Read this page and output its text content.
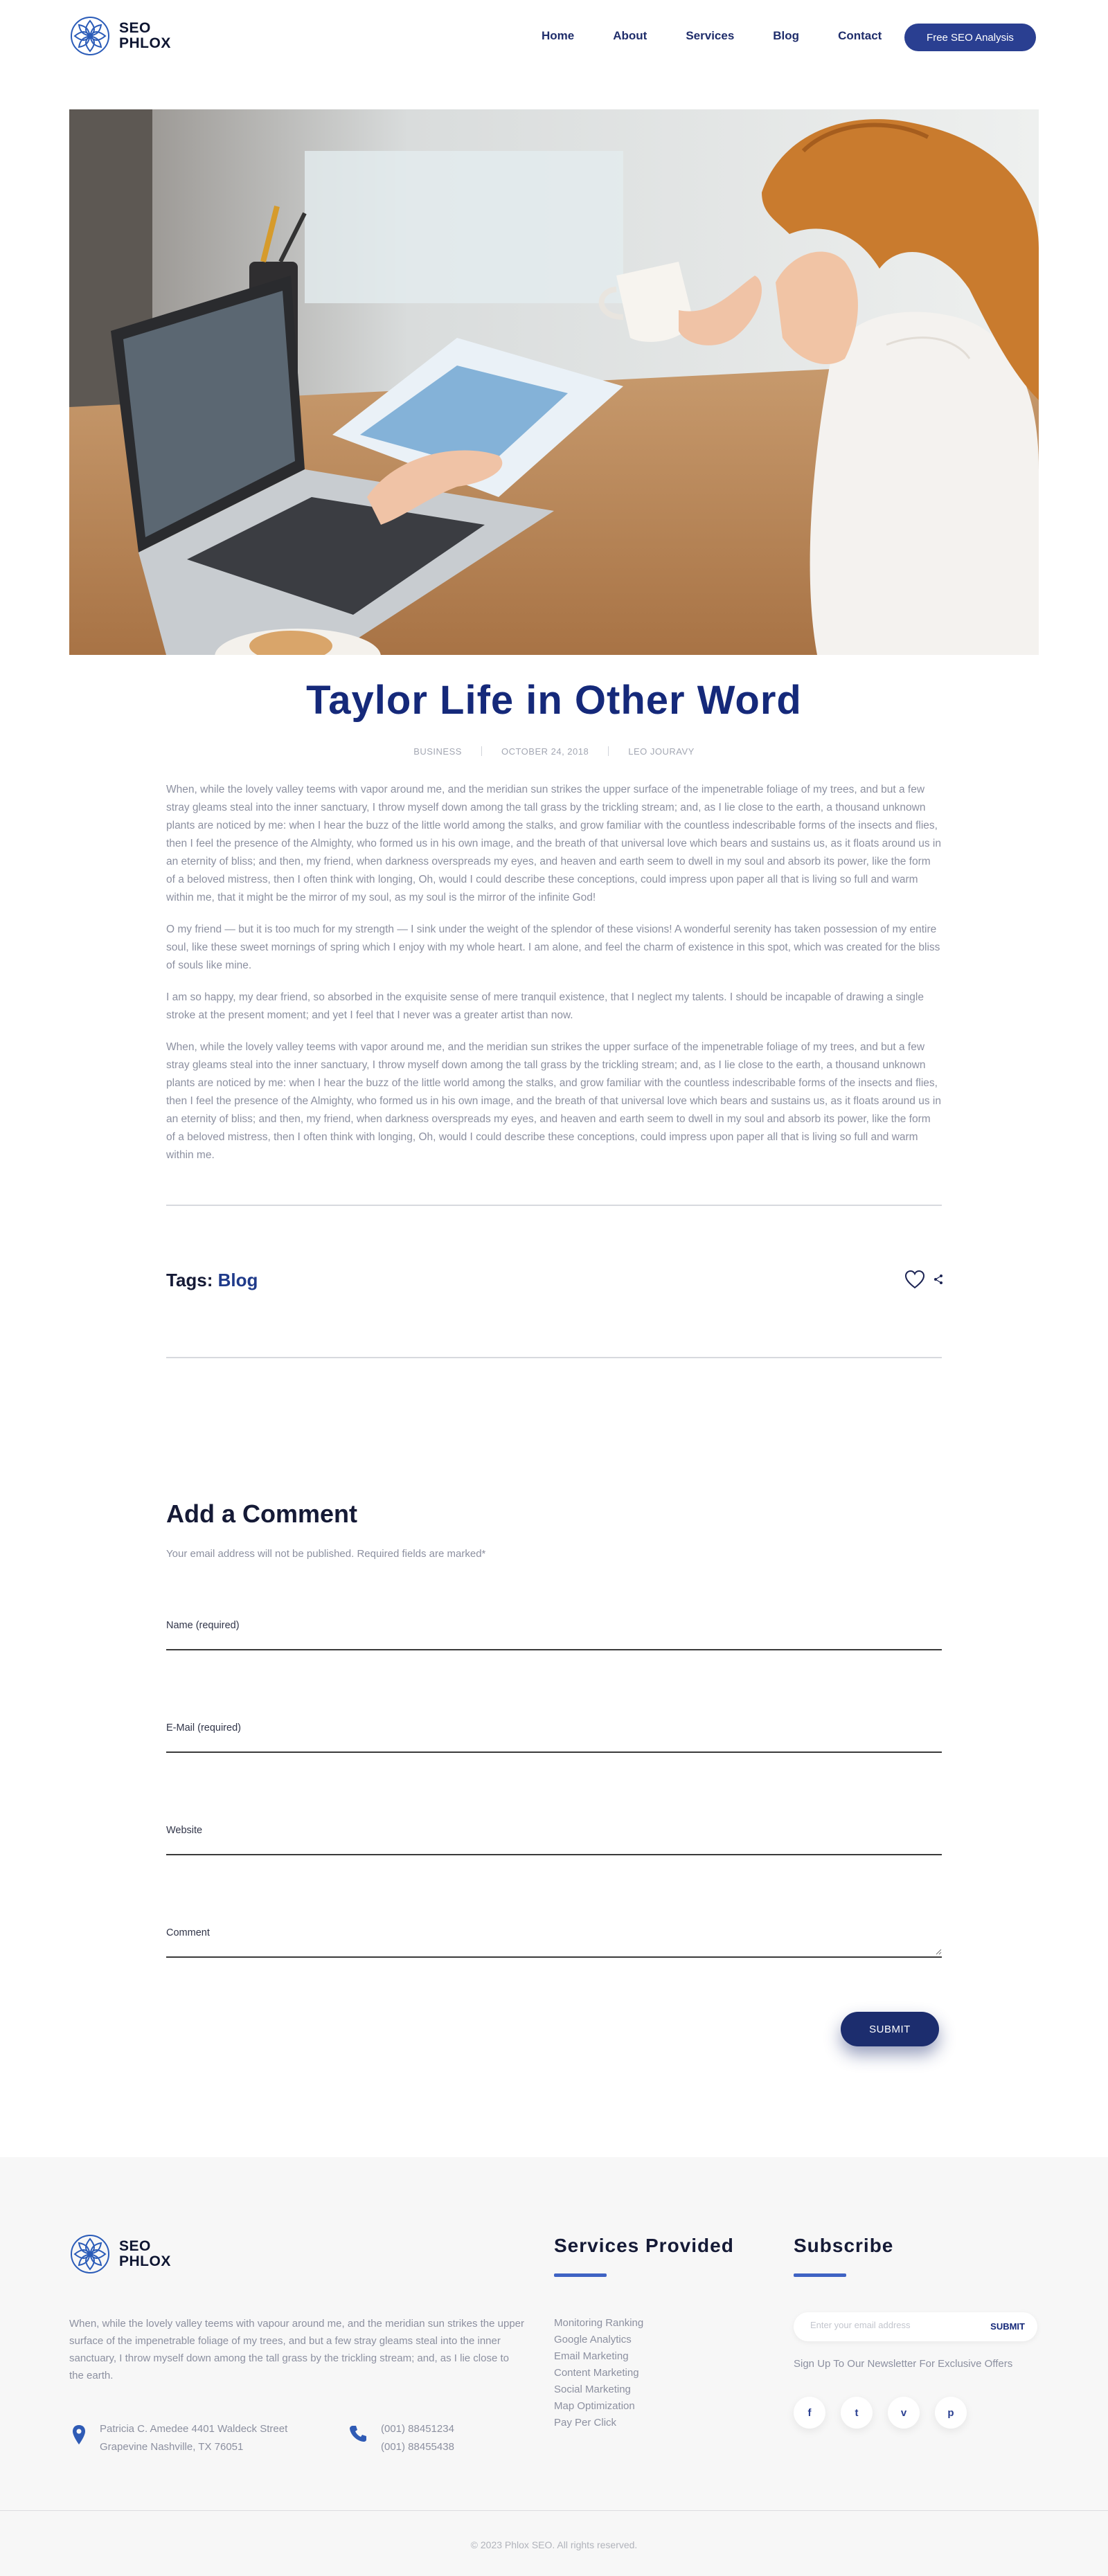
SEO
PHLOX	Home	About	Services	Blog	Contact	Free SEO Analysis
Taylor Life in Other Word
BUSINESS	OCTOBER 24, 2018	LEO JOURAVY

When, while the lovely valley teems with vapor around me, and the meridian sun strikes the upper surface of the impenetrable foliage of my trees, and but a few stray gleams steal into the inner sanctuary, I throw myself down among the tall grass by the trickling stream; and, as I lie close to the earth, a thousand unknown plants are noticed by me: when I hear the buzz of the little world among the stalks, and grow familiar with the countless indescribable forms of the insects and flies, then I feel the presence of the Almighty, who formed us in his own image, and the breath of that universal love which bears and sustains us, as it floats around us in an eternity of bliss; and then, my friend, when darkness overspreads my eyes, and heaven and earth seem to dwell in my soul and absorb its power, like the form of a beloved mistress, then I often think with longing, Oh, would I could describe these conceptions, could impress upon paper all that is living so full and warm within me, that it might be the mirror of my soul, as my soul is the mirror of the infinite God!

O my friend — but it is too much for my strength — I sink under the weight of the splendor of these visions! A wonderful serenity has taken possession of my entire soul, like these sweet mornings of spring which I enjoy with my whole heart. I am alone, and feel the charm of existence in this spot, which was created for the bliss of souls like mine.

I am so happy, my dear friend, so absorbed in the exquisite sense of mere tranquil existence, that I neglect my talents. I should be incapable of drawing a single stroke at the present moment; and yet I feel that I never was a greater artist than now.

When, while the lovely valley teems with vapor around me, and the meridian sun strikes the upper surface of the impenetrable foliage of my trees, and but a few stray gleams steal into the inner sanctuary, I throw myself down among the tall grass by the trickling stream; and, as I lie close to the earth, a thousand unknown plants are noticed by me: when I hear the buzz of the little world among the stalks, and grow familiar with the countless indescribable forms of the insects and flies, then I feel the presence of the Almighty, who formed us in his own image, and the breath of that universal love which bears and sustains us, as it floats around us in an eternity of bliss; and then, my friend, when darkness overspreads my eyes, and heaven and earth seem to dwell in my soul and absorb its power, like the form of a beloved mistress, then I often think with longing, Oh, would I could describe these conceptions, could impress upon paper all that is living so full and warm within me.

Tags: Blog
Add a Comment
Your email address will not be published. Required fields are marked*
Name (required)
E-Mail (required)
Website
Comment
SUBMIT
SEO
PHLOX
When, while the lovely valley teems with vapour around me, and the meridian sun strikes the upper surface of the impenetrable foliage of my trees, and but a few stray gleams steal into the inner sanctuary, I throw myself down among the tall grass by the trickling stream; and, as I lie close to the earth.
Patricia C. Amedee 4401 Waldeck Street
Grapevine Nashville, TX 76051
(001) 88451234
(001) 88455438
Services Provided
Monitoring Ranking
Google Analytics
Email Marketing
Content Marketing
Social Marketing
Map Optimization
Pay Per Click
Subscribe
Enter your email address
SUBMIT
Sign Up To Our Newsletter For Exclusive Offers
f	t	v	p
© 2023 Phlox SEO. All rights reserved.
